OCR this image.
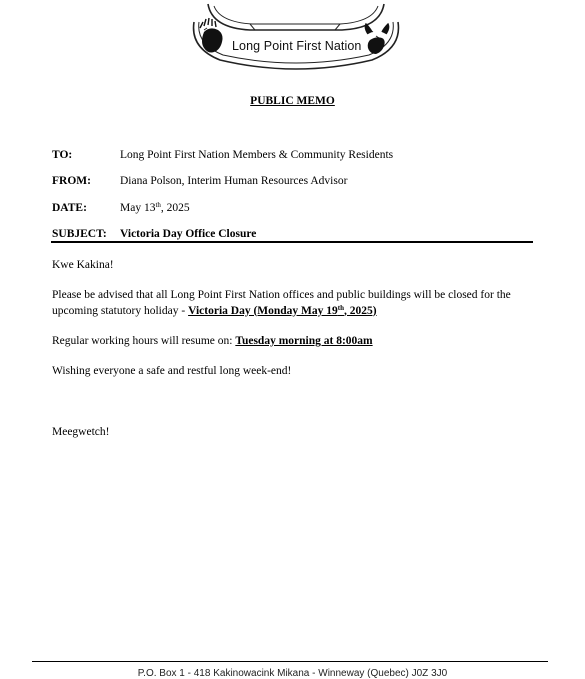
Long Point First Nation
PUBLIC MEMO
TO:	Long Point First Nation Members & Community Residents
FROM:	Diana Polson, Interim Human Resources Advisor
DATE:	May 13th, 2025
SUBJECT: Victoria Day Office Closure
Kwe Kakina!
Please be advised that all Long Point First Nation offices and public buildings will be closed for the upcoming statutory holiday - Victoria Day (Monday May 19th, 2025)
Regular working hours will resume on: Tuesday morning at 8:00am
Wishing everyone a safe and restful long week-end!
Meegwetch!
P.O. Box 1 - 418 Kakinowacink Mikana - Winneway (Quebec) J0Z 3J0
